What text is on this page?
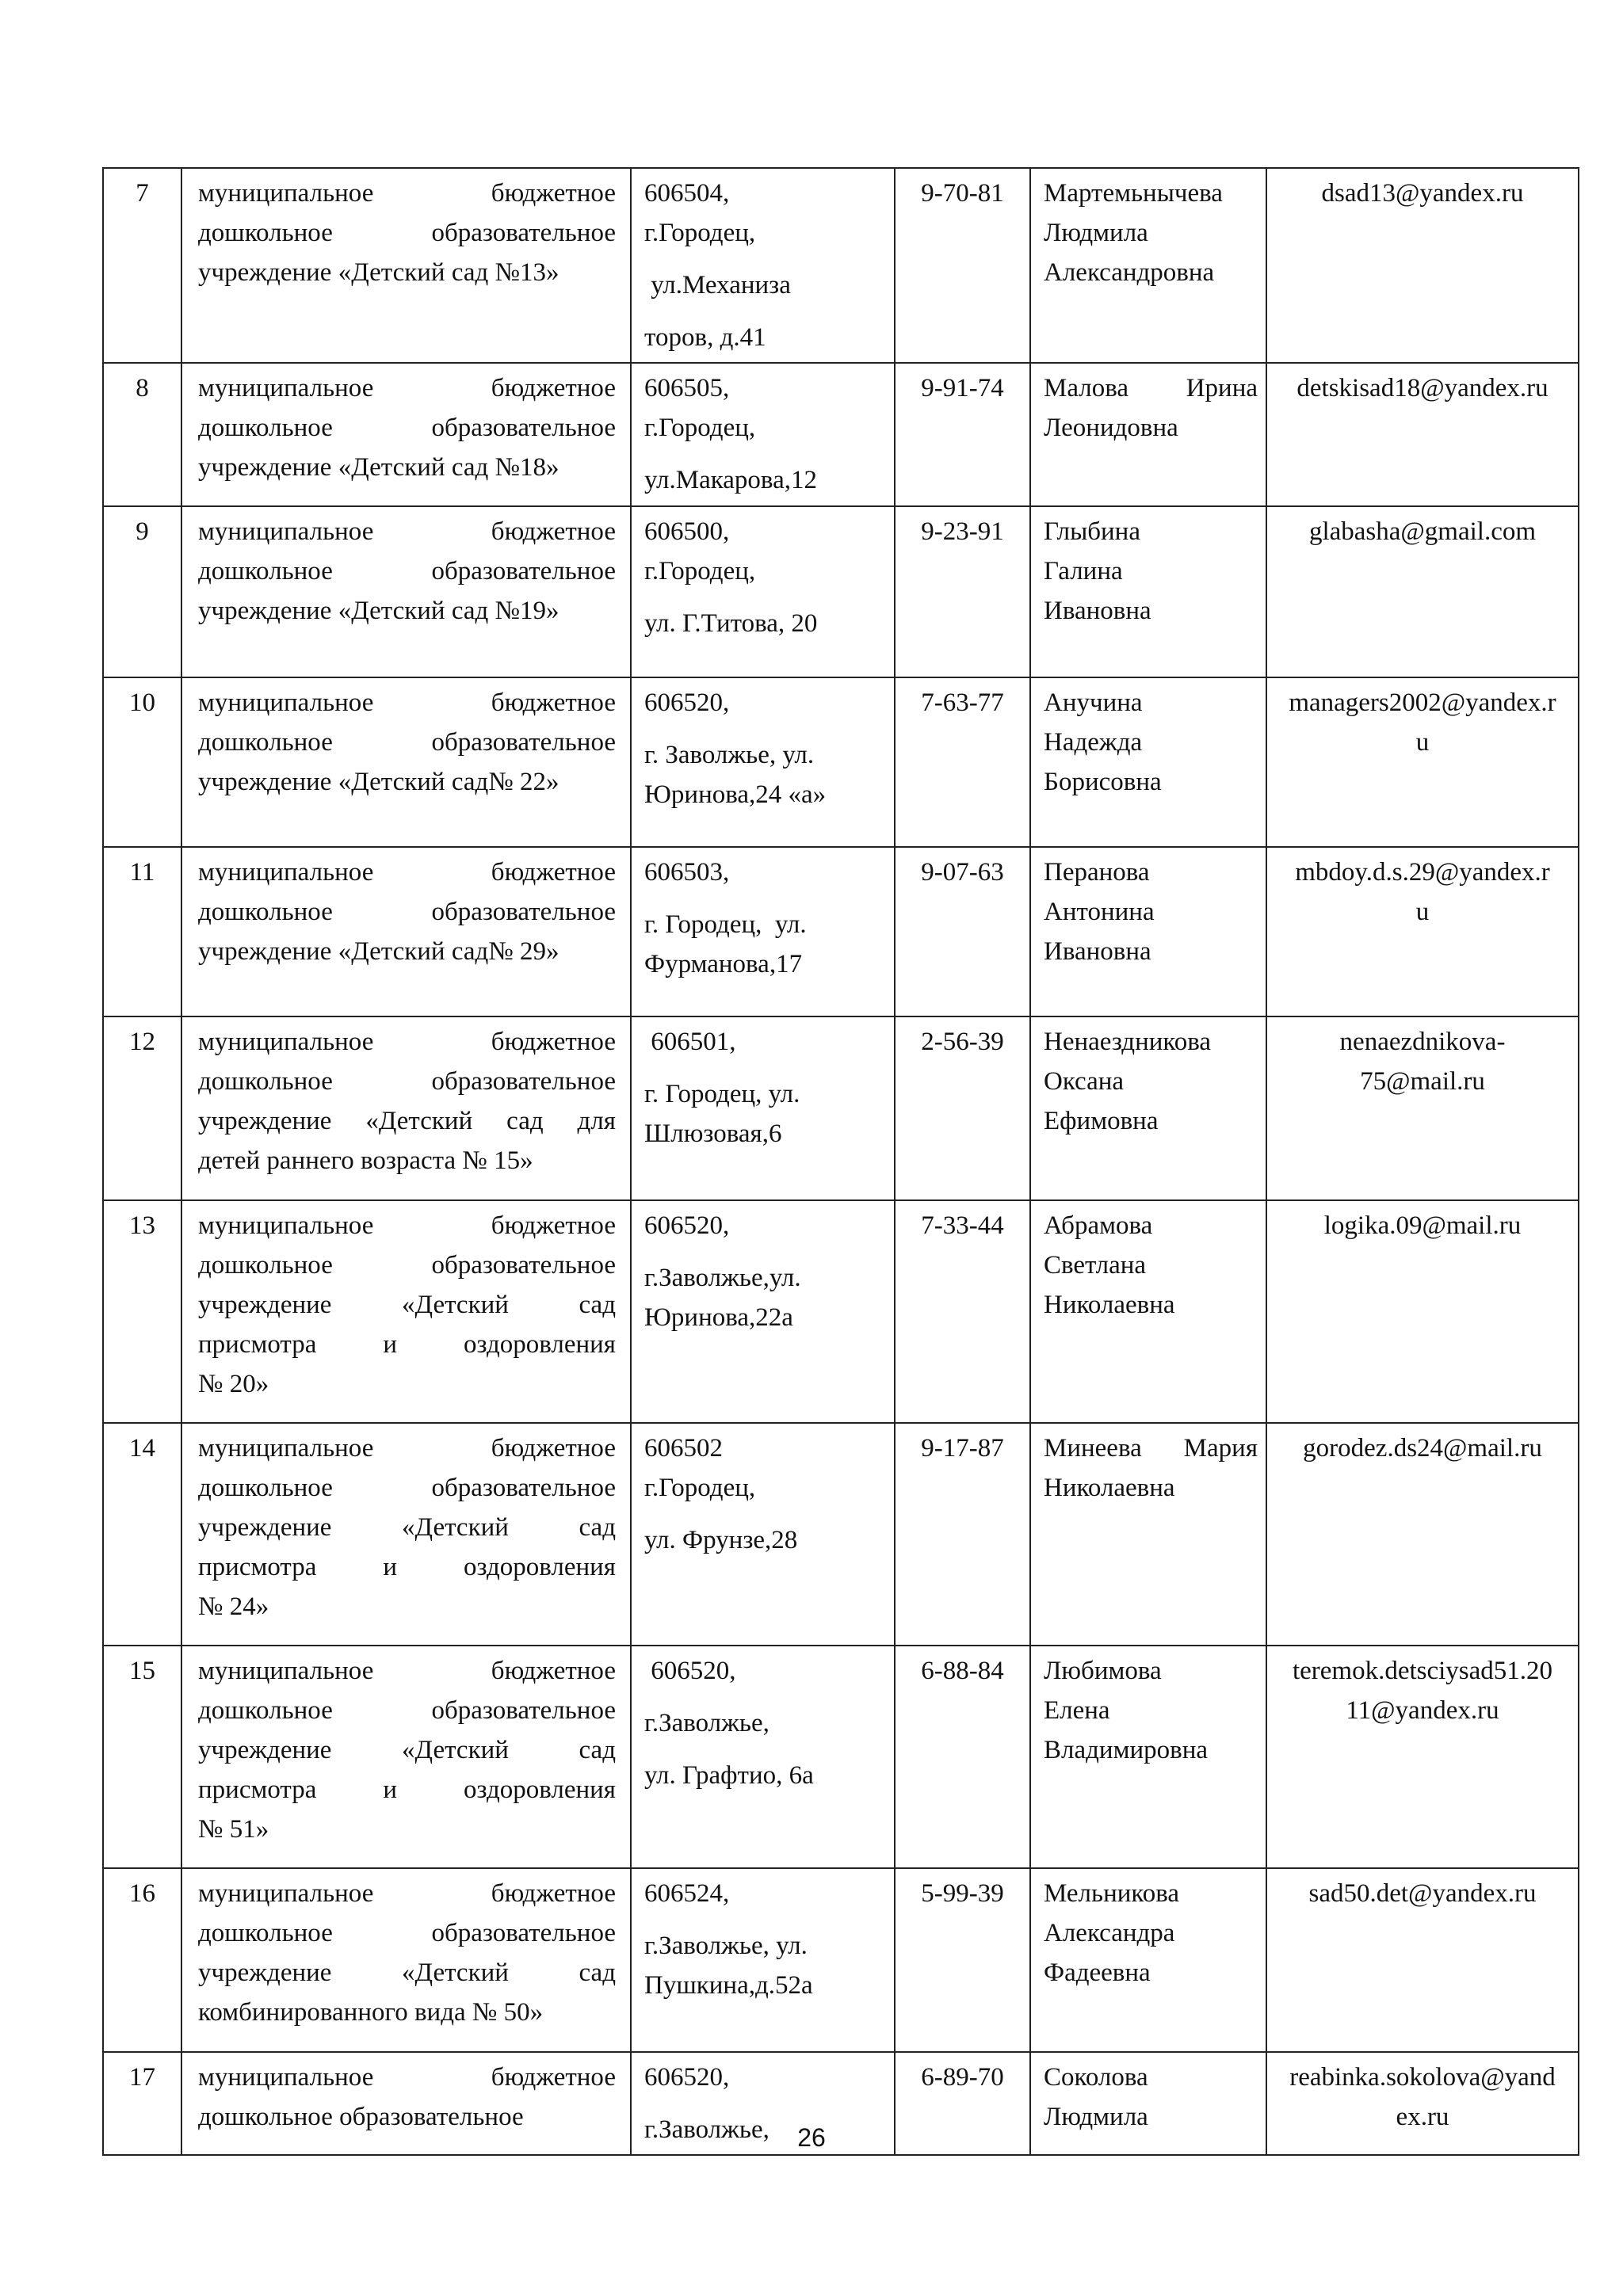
7	муниципальное бюджетное
дошкольное образовательное
учреждение «Детский сад №13»	606504,
г.Городец,
ул.Механиза
торов, д.41	9-70-81	Мартемьнычева
Людмила
Александровна	dsad13@yandex.ru

8	муниципальное бюджетное
дошкольное образовательное
учреждение «Детский сад №18»	606505,
г.Городец,
ул.Макарова,12	9-91-74	Малова Ирина
Леонидовна	detskisad18@yandex.ru

9	муниципальное бюджетное
дошкольное образовательное
учреждение «Детский сад №19»	606500,
г.Городец,
ул. Г.Титова, 20	9-23-91	Глыбина
Галина
Ивановна	glabasha@gmail.com

10	муниципальное бюджетное
дошкольное образовательное
учреждение «Детский сад№ 22»	606520,
г. Заволжье, ул.
Юринова,24 «а»	7-63-77	Анучина
Надежда
Борисовна	managers2002@yandex.r
u

11	муниципальное бюджетное
дошкольное образовательное
учреждение «Детский сад№ 29»	606503,
г. Городец,  ул.
Фурманова,17	9-07-63	Перанова
Антонина
Ивановна	mbdoy.d.s.29@yandex.r
u

12	муниципальное бюджетное
дошкольное образовательное
учреждение «Детский сад для
детей раннего возраста № 15»	606501,
г. Городец, ул.
Шлюзовая,6	2-56-39	Ненаездникова
Оксана
Ефимовна	nenaezdnikova-
75@mail.ru

13	муниципальное бюджетное
дошкольное образовательное
учреждение «Детский сад
присмотра и оздоровления
№ 20»	606520,
г.Заволжье,ул.
Юринова,22а	7-33-44	Абрамова
Светлана
Николаевна	logika.09@mail.ru

14	муниципальное бюджетное
дошкольное образовательное
учреждение «Детский сад
присмотра и оздоровления
№ 24»	606502
г.Городец,
ул. Фрунзе,28	9-17-87	Минеева Мария
Николаевна	gorodez.ds24@mail.ru

15	муниципальное бюджетное
дошкольное образовательное
учреждение «Детский сад
присмотра и оздоровления
№ 51»	606520,
г.Заволжье,
ул. Графтио, 6а	6-88-84	Любимова
Елена
Владимировна	teremok.detsciysad51.20
11@yandex.ru

16	муниципальное бюджетное
дошкольное образовательное
учреждение «Детский сад
комбинированного вида № 50»	606524,
г.Заволжье, ул.
Пушкина,д.52а	5-99-39	Мельникова
Александра
Фадеевна	sad50.det@yandex.ru

17	муниципальное бюджетное
дошкольное образовательное	606520,
г.Заволжье,	6-89-70	Соколова
Людмила	reabinka.sokolova@yand
ex.ru
26
